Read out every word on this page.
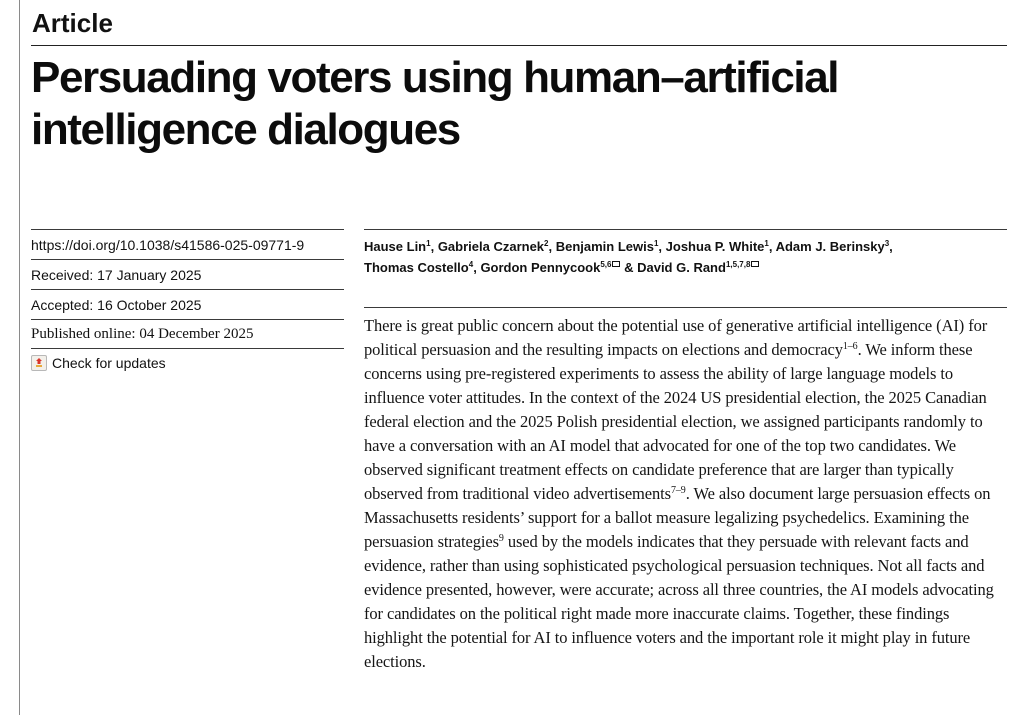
Article
Persuading voters using human–artificial intelligence dialogues
https://doi.org/10.1038/s41586-025-09771-9
Received: 17 January 2025
Accepted: 16 October 2025
Published online: 04 December 2025
Check for updates
Hause Lin$^1$, Gabriela Czarnek$^2$, Benjamin Lewis$^1$, Joshua P. White$^1$, Adam J. Berinsky$^3$,
Thomas Costello$^4$, Gordon Pennycook$^{5,6}$ & David G. Rand$^{1,5,7,8}$

There is great public concern about the potential use of generative artificial intelligence (AI) for political persuasion and the resulting impacts on elections and democracy$^{1-6}$. We inform these concerns using pre-registered experiments to assess the ability of large language models to influence voter attitudes. In the context of the 2024 US presidential election, the 2025 Canadian federal election and the 2025 Polish presidential election, we assigned participants randomly to have a conversation with an AI model that advocated for one of the top two candidates. We observed significant treatment effects on candidate preference that are larger than typically observed from traditional video advertisements$^{7-9}$. We also document large persuasion effects on Massachusetts residents’ support for a ballot measure legalizing psychedelics. Examining the persuasion strategies$^9$ used by the models indicates that they persuade with relevant facts and evidence, rather than using sophisticated psychological persuasion techniques. Not all facts and evidence presented, however, were accurate; across all three countries, the AI models advocating for candidates on the political right made more inaccurate claims. Together, these findings highlight the potential for AI to influence voters and the important role it might play in future elections.
